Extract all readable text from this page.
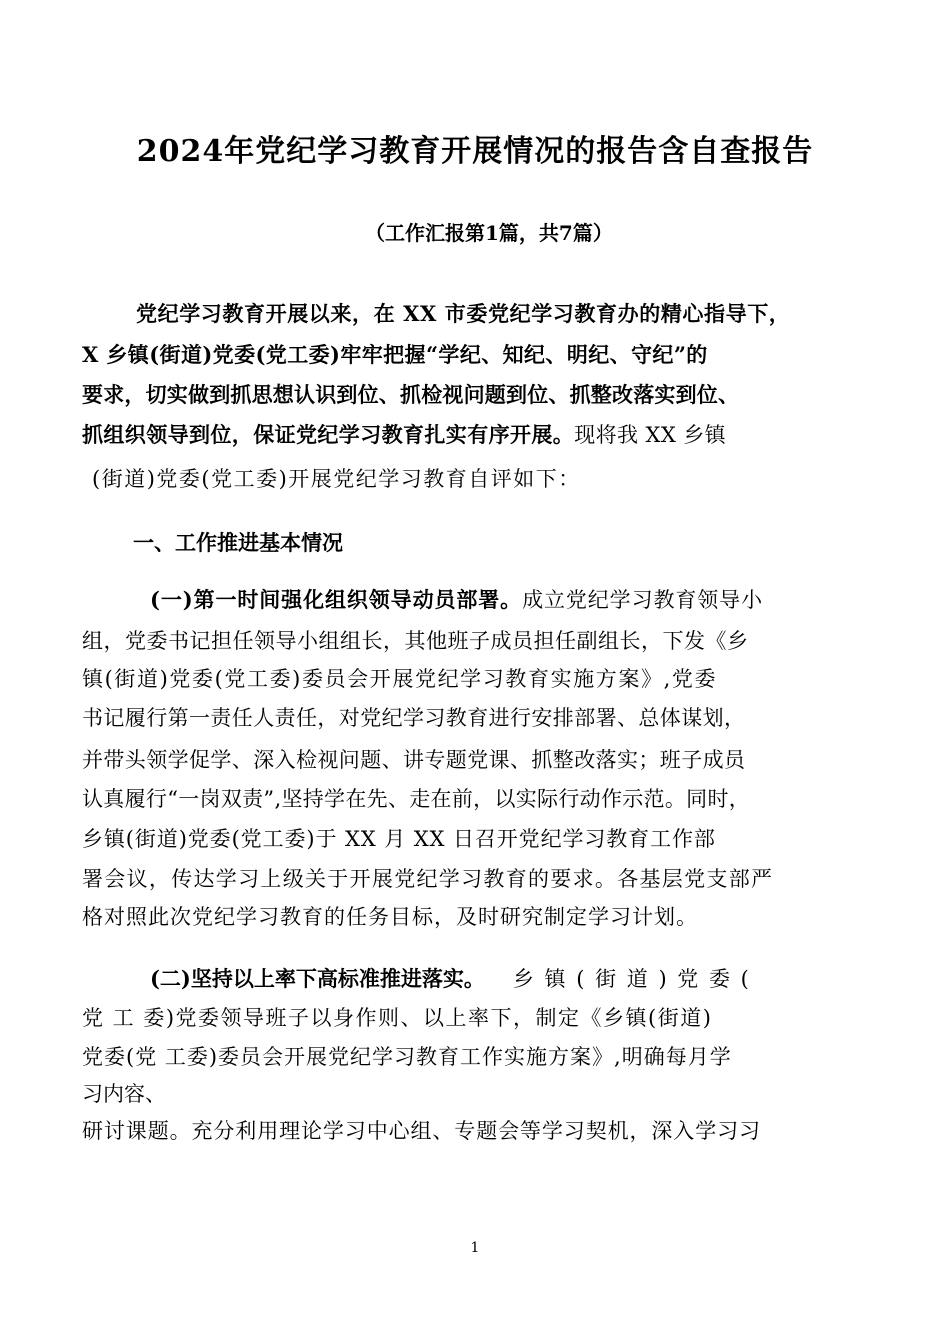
2024年党纪学习教育开展情况的报告含自查报告
（工作汇报第1篇，共7篇）
党纪学习教育开展以来，在 XX 市委党纪学习教育办的精心指导下，
X 乡镇(街道)党委(党工委)牢牢把握“学纪、知纪、明纪、守纪”的
要求，切实做到抓思想认识到位、抓检视问题到位、抓整改落实到位、
抓组织领导到位，保证党纪学习教育扎实有序开展。现将我 XX 乡镇
(街道)党委(党工委)开展党纪学习教育自评如下：
一、工作推进基本情况
(一)第一时间强化组织领导动员部署。成立党纪学习教育领导小
组，党委书记担任领导小组组长，其他班子成员担任副组长，下发《乡
镇(街道)党委(党工委)委员会开展党纪学习教育实施方案》,党委
书记履行第一责任人责任，对党纪学习教育进行安排部署、总体谋划，
并带头领学促学、深入检视问题、讲专题党课、抓整改落实；班子成员
认真履行“一岗双责”,坚持学在先、走在前，以实际行动作示范。同时，
乡镇(街道)党委(党工委)于 XX 月 XX 日召开党纪学习教育工作部
署会议，传达学习上级关于开展党纪学习教育的要求。各基层党支部严
格对照此次党纪学习教育的任务目标，及时研究制定学习计划。
(二)坚持以上率下高标准推进落实。 乡 镇 ( 街 道 ) 党 委 (
党 工 委)党委领导班子以身作则、以上率下，制定《乡镇(街道)
党委(党 工委)委员会开展党纪学习教育工作实施方案》,明确每月学
习内容、
研讨课题。充分利用理论学习中心组、专题会等学习契机，深入学习习
1
